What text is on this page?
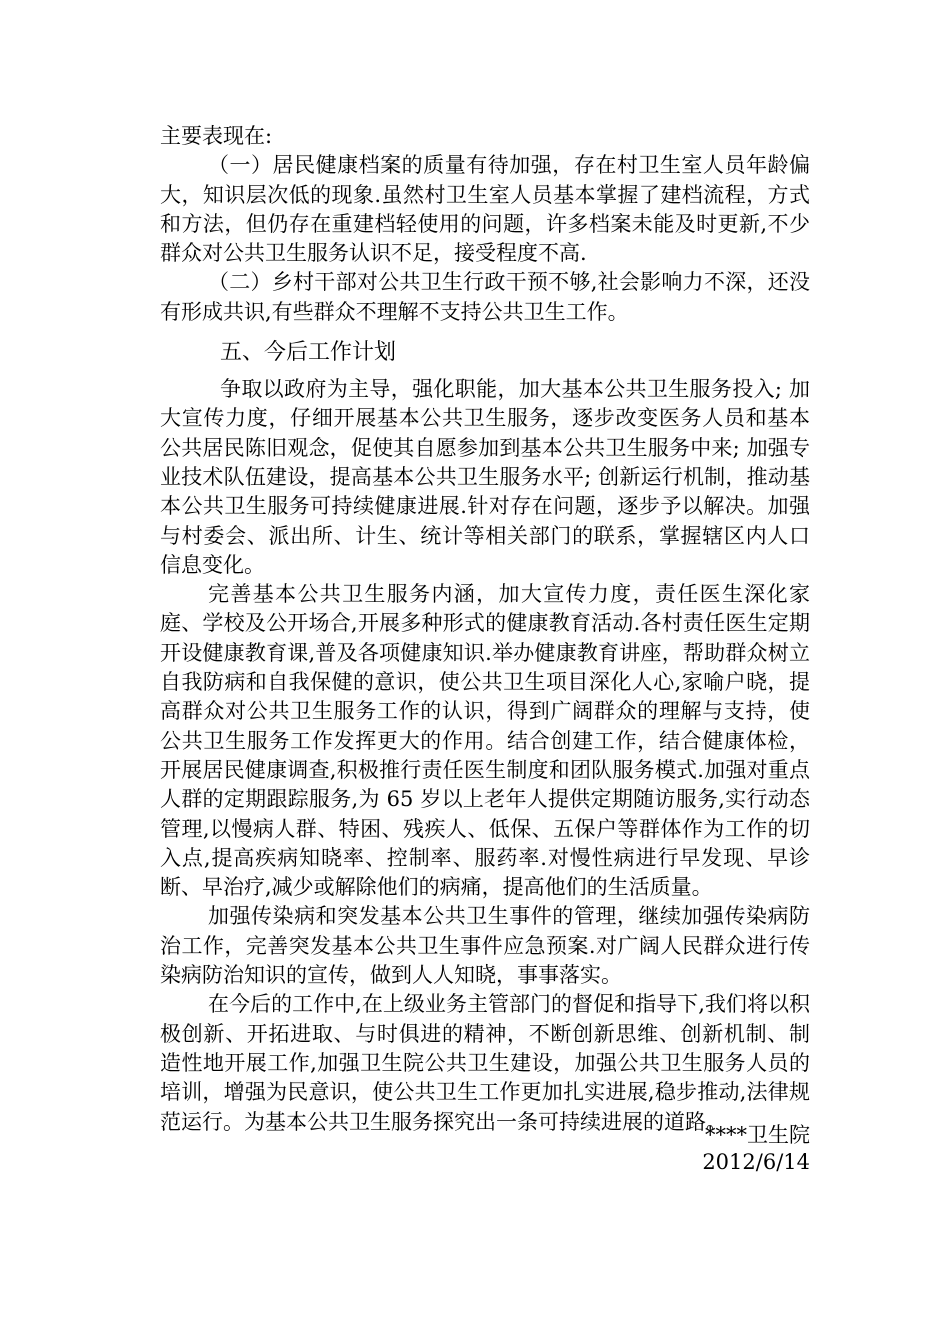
主要表现在:

（一）居民健康档案的质量有待加强，存在村卫生室人员年龄偏大，知识层次低的现象.虽然村卫生室人员基本掌握了建档流程，方式和方法，但仍存在重建档轻使用的问题，许多档案未能及时更新,不少群众对公共卫生服务认识不足，接受程度不高.

（二）乡村干部对公共卫生行政干预不够,社会影响力不深，还没有形成共识,有些群众不理解不支持公共卫生工作。

五、今后工作计划

争取以政府为主导，强化职能，加大基本公共卫生服务投入; 加大宣传力度，仔细开展基本公共卫生服务，逐步改变医务人员和基本公共居民陈旧观念，促使其自愿参加到基本公共卫生服务中来; 加强专业技术队伍建设，提高基本公共卫生服务水平; 创新运行机制，推动基本公共卫生服务可持续健康进展.针对存在问题，逐步予以解决。加强与村委会、派出所、计生、统计等相关部门的联系，掌握辖区内人口信息变化。

完善基本公共卫生服务内涵，加大宣传力度，责任医生深化家庭、学校及公开场合,开展多种形式的健康教育活动.各村责任医生定期开设健康教育课,普及各项健康知识.举办健康教育讲座，帮助群众树立自我防病和自我保健的意识，使公共卫生项目深化人心,家喻户晓，提高群众对公共卫生服务工作的认识，得到广阔群众的理解与支持，使公共卫生服务工作发挥更大的作用。结合创建工作，结合健康体检，开展居民健康调查,积极推行责任医生制度和团队服务模式.加强对重点人群的定期跟踪服务,为 65 岁以上老年人提供定期随访服务,实行动态管理,以慢病人群、特困、残疾人、低保、五保户等群体作为工作的切入点,提高疾病知晓率、控制率、服药率.对慢性病进行早发现、早诊断、早治疗,减少或解除他们的病痛，提高他们的生活质量。

加强传染病和突发基本公共卫生事件的管理，继续加强传染病防治工作，完善突发基本公共卫生事件应急预案.对广阔人民群众进行传染病防治知识的宣传，做到人人知晓，事事落实。

在今后的工作中,在上级业务主管部门的督促和指导下,我们将以积极创新、开拓进取、与时俱进的精神，不断创新思维、创新机制、制造性地开展工作,加强卫生院公共卫生建设，加强公共卫生服务人员的培训，增强为民意识，使公共卫生工作更加扎实进展,稳步推动,法律规范运行。为基本公共卫生服务探究出一条可持续进展的道路。

****卫生院
2012/6/14
